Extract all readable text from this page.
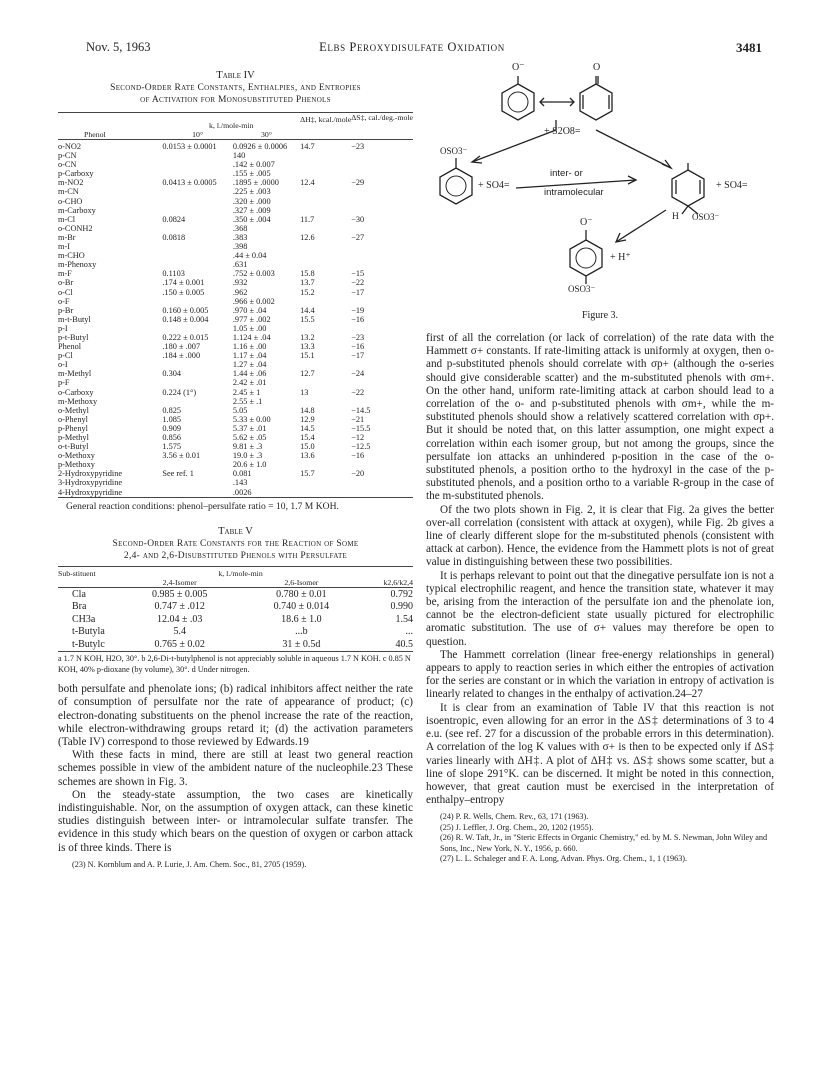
Nov. 5, 1963	Elbs Peroxydisulfate Oxidation	3481
Table IV
Second-Order Rate Constants, Enthalpies, and Entropies
of Activation for Monosubstituted Phenols
	k, l./mole-min		ΔH‡, kcal./mole	ΔS‡, cal./deg.-mole
Phenol	10°	30°		

o-NO2	0.0153 ± 0.0001	0.0926 ± 0.0006	14.7	−23
p-CN		140		
o-CN		.142 ± 0.007		
p-Carboxy		.155 ± .005		
m-NO2	0.0413 ± 0.0005	.1895 ± .0000	12.4	−29
m-CN		.225 ± .003		
o-CHO		.320 ± .000		
m-Carboxy		.327 ± .009		
m-Cl	0.0824	.350 ± .004	11.7	−30
o-CONH2		.368		
m-Br	0.0818	.383	12.6	−27
m-I		.398		
m-CHO		.44 ± 0.04		
m-Phenoxy		.631		
m-F	0.1103	.752 ± 0.003	15.8	−15
o-Br	.174 ± 0.001	.932	13.7	−22
o-Cl	.150 ± 0.005	.962	15.2	−17
o-F		.966 ± 0.002		
p-Br	0.160 ± 0.005	.970 ± .04	14.4	−19
m-t-Butyl	0.148 ± 0.004	.977 ± .002	15.5	−16
p-I		1.05 ± .00		
p-t-Butyl	0.222 ± 0.015	1.124 ± .04	13.2	−23
Phenol	.180 ± .007	1.16 ± .00	13.3	−16
p-Cl	.184 ± .000	1.17 ± .04	15.1	−17
o-I		1.27 ± .04		
m-Methyl	0.304	1.44 ± .06	12.7	−24
p-F		2.42 ± .01		
o-Carboxy	0.224 (1°)	2.45 ± 1	13	−22
m-Methoxy		2.55 ± .1		
o-Methyl	0.825	5.05	14.8	−14.5
o-Phenyl	1.085	5.33 ± 0.00	12.9	−21
p-Phenyl	0.909	5.37 ± .01	14.5	−15.5
p-Methyl	0.856	5.62 ± .05	15.4	−12
o-t-Butyl	1.575	9.81 ± .3	15.0	−12.5
o-Methoxy	3.56 ± 0.01	19.0 ± .3	13.6	−16
p-Methoxy		20.6 ± 1.0		
2-Hydroxypyridine	See ref. 1	0.081	15.7	−20
3-Hydroxypyridine		.143		
4-Hydroxypyridine		.0026		

General reaction conditions: phenol–persulfate ratio = 10, 1.7 M KOH.
Table V
Second-Order Rate Constants for the Reaction of Some
2,4- and 2,6-Disubstituted Phenols with Persulfate
Sub-stituent	k, l./mole-min		
	2,4-Isomer	2,6-Isomer	k2,6/k2,4

Cla	0.985 ± 0.005	0.780 ± 0.01	0.792
Bra	0.747 ± .012	0.740 ± 0.014	0.990
CH3a	12.04 ± .03	18.6 ± 1.0	1.54
t-Butyla	5.4	...b	...
t-Butylc	0.765 ± 0.02	31 ± 0.5d	40.5

a 1.7 N KOH, H2O, 30°. b 2,6-Di-t-butylphenol is not appreciably soluble in aqueous 1.7 N KOH. c 0.85 N KOH, 40% p-dioxane (by volume), 30°. d Under nitrogen.

both persulfate and phenolate ions; (b) radical inhibitors affect neither the rate of consumption of persulfate nor the rate of appearance of product; (c) electron-donating substituents on the phenol increase the rate of the reaction, while electron-withdrawing groups retard it; (d) the activation parameters (Table IV) correspond to those reviewed by Edwards.19

With these facts in mind, there are still at least two general reaction schemes possible in view of the ambident nature of the nucleophile.23 These schemes are shown in Fig. 3.

On the steady-state assumption, the two cases are kinetically indistinguishable. Nor, on the assumption of oxygen attack, can these kinetic studies distinguish between inter- or intramolecular sulfate transfer. The evidence in this study which bears on the question of oxygen or carbon attack is of three kinds. There is

(23) N. Kornblum and A. P. Lurie, J. Am. Chem. Soc., 81, 2705 (1959).
O⁻	O
+ S2O8=
OSO3⁻
+ SO4=
inter- or
intramolecular
+ SO4=
H OSO3⁻
O⁻
+ H⁺
OSO3⁻
Figure 3.

first of all the correlation (or lack of correlation) of the rate data with the Hammett σ+ constants. If rate-limiting attack is uniformly at oxygen, then o- and p-substituted phenols should correlate with σp+ (although the o-series should give considerable scatter) and the m-substituted phenols with σm+. On the other hand, uniform rate-limiting attack at carbon should lead to a correlation of the o- and p-substituted phenols with σm+, while the m-substituted phenols should show a relatively scattered correlation with σp+. But it should be noted that, on this latter assumption, one might expect a correlation within each isomer group, but not among the groups, since the persulfate ion attacks an unhindered p-position in the case of the o-substituted phenols, a position ortho to the hydroxyl in the case of the p-substituted phenols, and a position ortho to a variable R-group in the case of the m-substituted phenols.

Of the two plots shown in Fig. 2, it is clear that Fig. 2a gives the better over-all correlation (consistent with attack at oxygen), while Fig. 2b gives a line of clearly different slope for the m-substituted phenols (consistent with attack at carbon). Hence, the evidence from the Hammett plots is not of great value in distinguishing between these two possibilities.

It is perhaps relevant to point out that the dinegative persulfate ion is not a typical electrophilic reagent, and hence the transition state, whatever it may be, arising from the interaction of the persulfate ion and the phenolate ion, cannot be the electron-deficient state usually pictured for electrophilic aromatic substitution. The use of σ+ values may therefore be open to question.

The Hammett correlation (linear free-energy relationships in general) appears to apply to reaction series in which either the entropies of activation for the series are constant or in which the variation in entropy of activation is linearly related to changes in the enthalpy of activation.24–27

It is clear from an examination of Table IV that this reaction is not isoentropic, even allowing for an error in the ΔS‡ determinations of 3 to 4 e.u. (see ref. 27 for a discussion of the probable errors in this determination). A correlation of the log K values with σ+ is then to be expected only if ΔS‡ varies linearly with ΔH‡. A plot of ΔH‡ vs. ΔS‡ shows some scatter, but a line of slope 291°K. can be discerned. It might be noted in this connection, however, that great caution must be exercised in the interpretation of enthalpy–entropy

(24) P. R. Wells, Chem. Rev., 63, 171 (1963).
(25) J. Leffler, J. Org. Chem., 20, 1202 (1955).
(26) R. W. Taft, Jr., in "Steric Effects in Organic Chemistry," ed. by M. S. Newman, John Wiley and Sons, Inc., New York, N. Y., 1956, p. 660.
(27) L. L. Schaleger and F. A. Long, Advan. Phys. Org. Chem., 1, 1 (1963).
